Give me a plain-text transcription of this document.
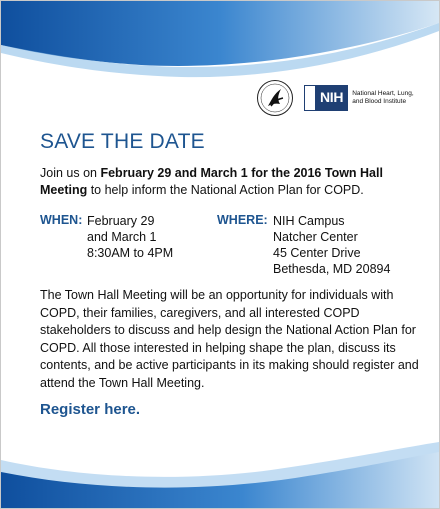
NIH	National Heart, Lung, and Blood Institute
SAVE THE DATE
Join us on February 29 and March 1 for the 2016 Town Hall Meeting to help inform the National Action Plan for COPD.
WHEN: February 29
and March 1
8:30AM to 4PM
WHERE: NIH Campus
Natcher Center
45 Center Drive
Bethesda, MD 20894
The Town Hall Meeting will be an opportunity for individuals with COPD, their families, caregivers, and all interested COPD stakeholders to discuss and help design the National Action Plan for COPD. All those interested in helping shape the plan, discuss its contents, and be active participants in its making should register and attend the Town Hall Meeting.
Register here.
